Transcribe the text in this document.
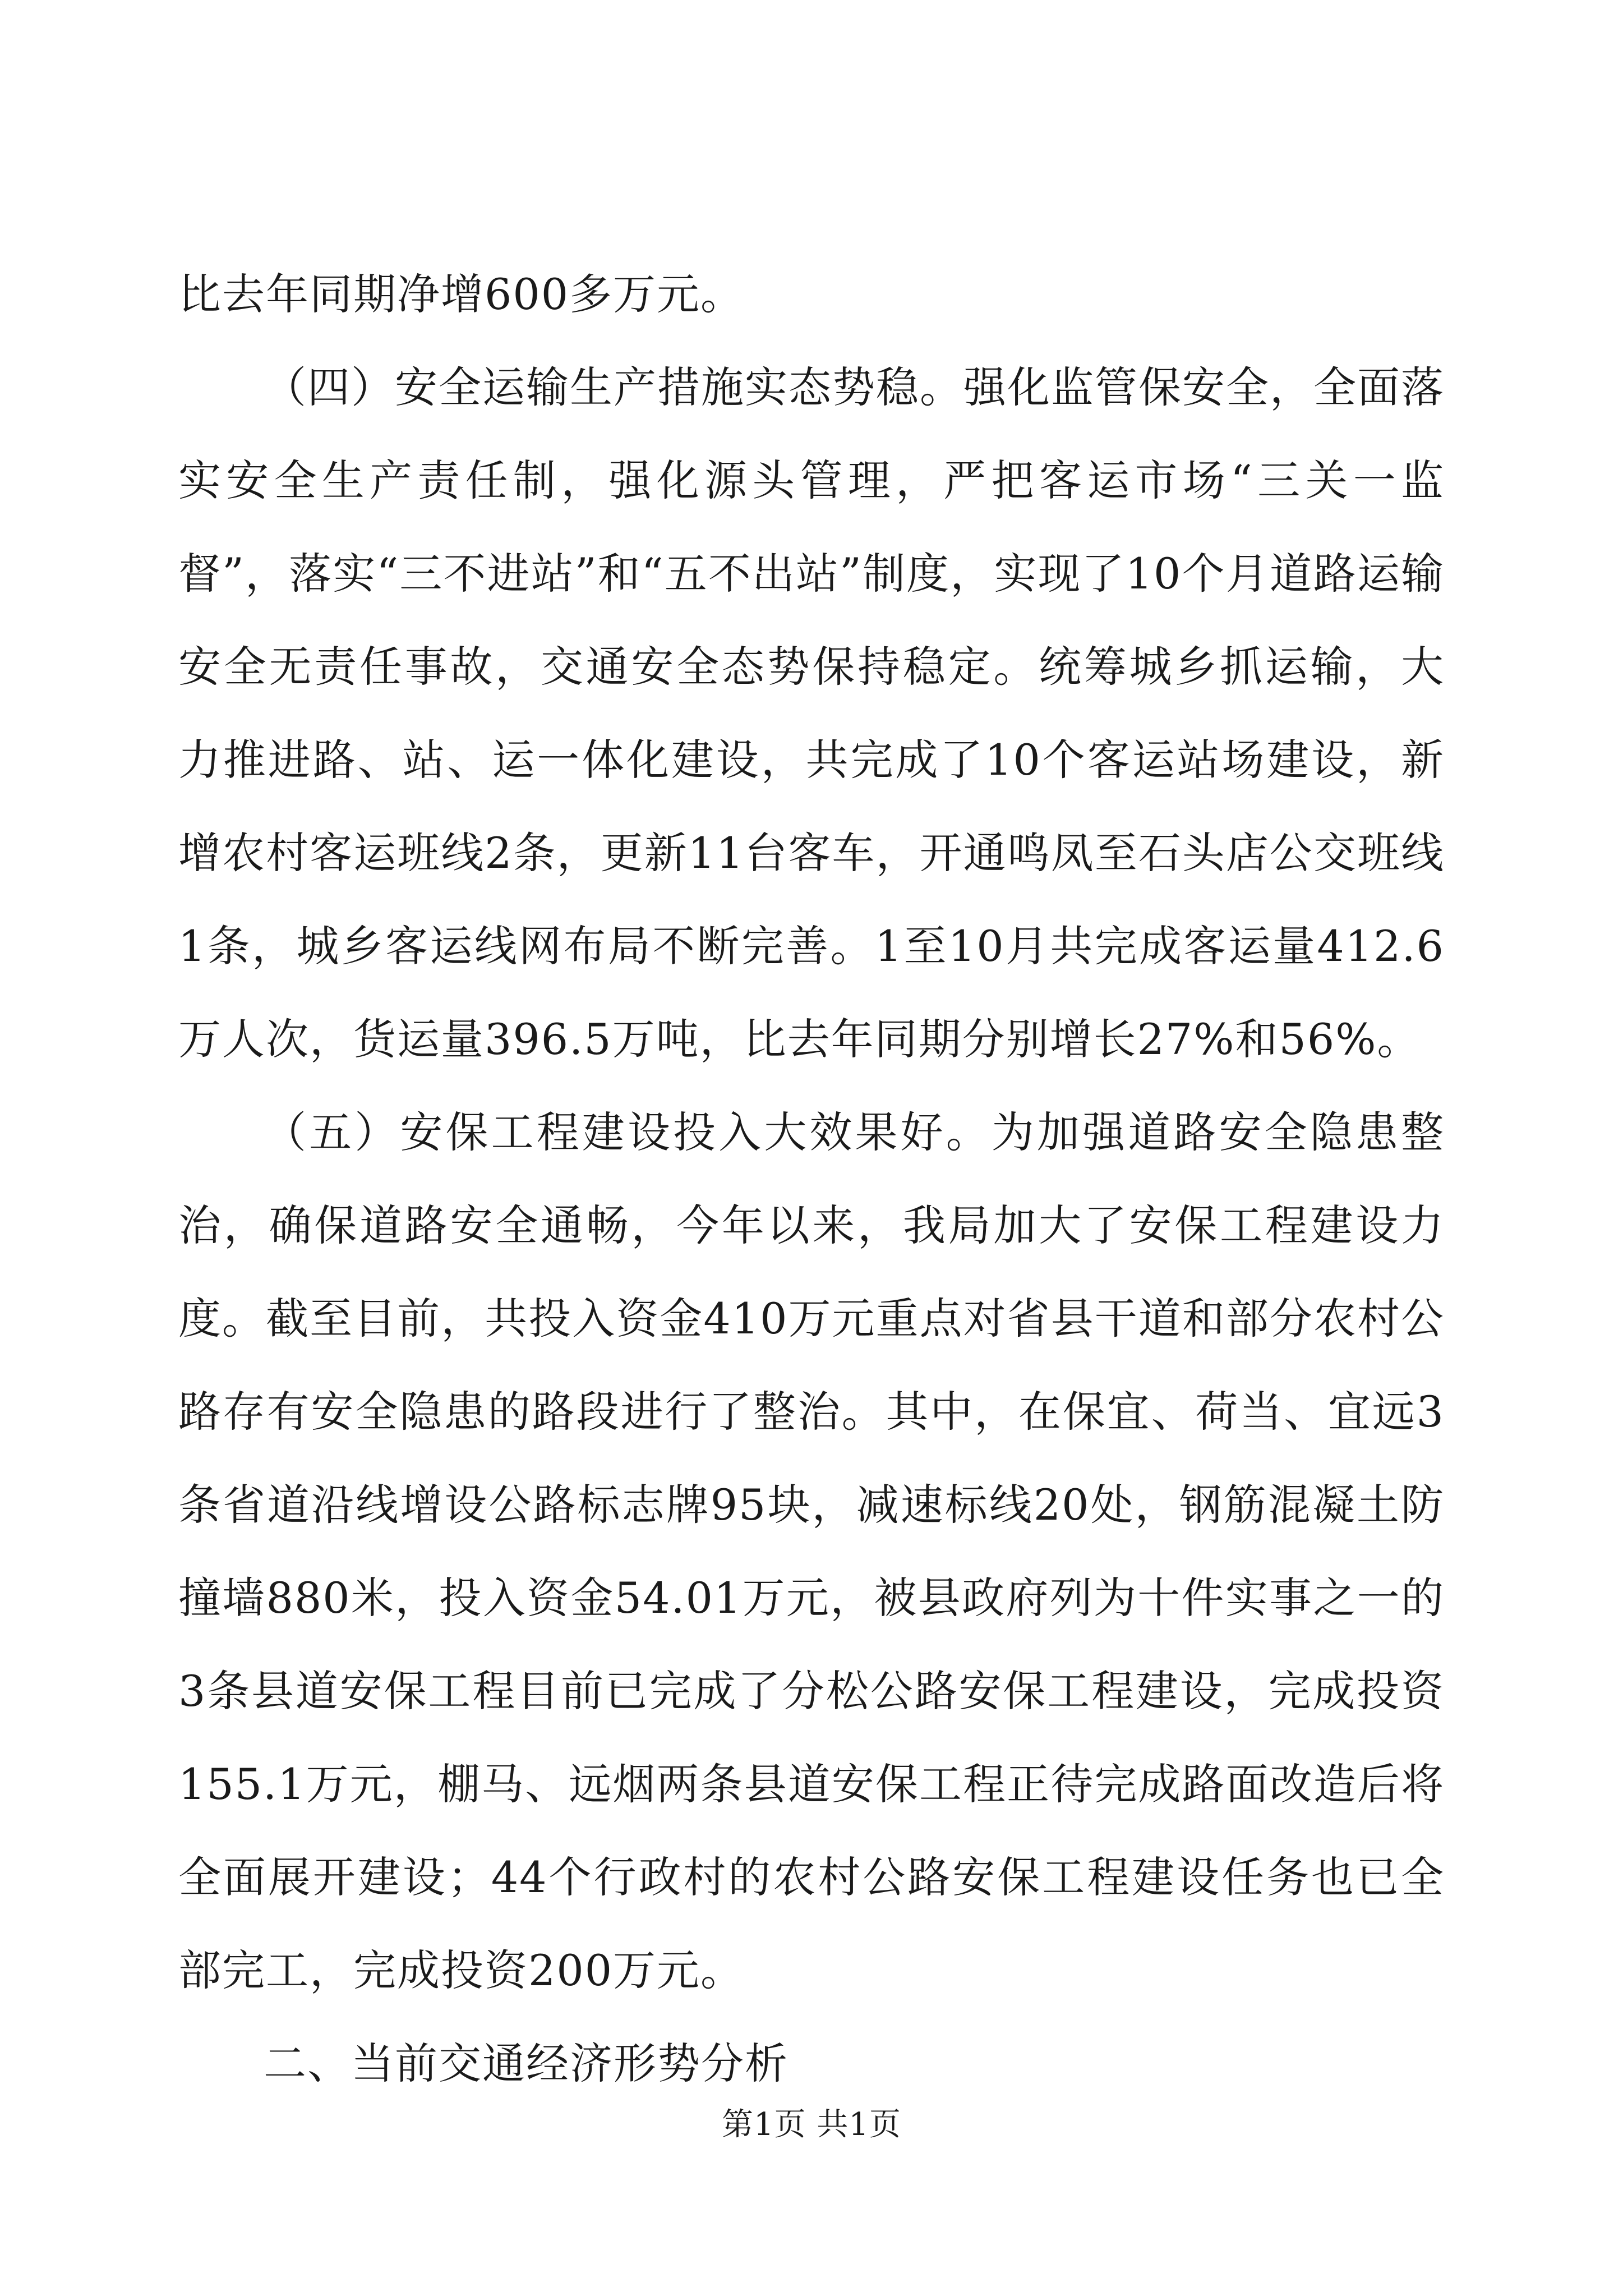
比去年同期净增600多万元。

（四）安全运输生产措施实态势稳。强化监管保安全，全面落实安全生产责任制，强化源头管理，严把客运市场“三关一监督”，落实“三不进站”和“五不出站”制度，实现了10个月道路运输安全无责任事故，交通安全态势保持稳定。统筹城乡抓运输，大力推进路、站、运一体化建设，共完成了10个客运站场建设，新增农村客运班线2条，更新11台客车，开通鸣凤至石头店公交班线1条，城乡客运线网布局不断完善。1至10月共完成客运量412.6万人次，货运量396.5万吨，比去年同期分别增长27%和56%。

（五）安保工程建设投入大效果好。为加强道路安全隐患整治，确保道路安全通畅，今年以来，我局加大了安保工程建设力度。截至目前，共投入资金410万元重点对省县干道和部分农村公路存有安全隐患的路段进行了整治。其中，在保宜、荷当、宜远3条省道沿线增设公路标志牌95块，减速标线20处，钢筋混凝土防撞墙880米，投入资金54.01万元，被县政府列为十件实事之一的3条县道安保工程目前已完成了分松公路安保工程建设，完成投资155.1万元，棚马、远烟两条县道安保工程正待完成路面改造后将全面展开建设；44个行政村的农村公路安保工程建设任务也已全部完工，完成投资200万元。

二、当前交通经济形势分析

第1页 共1页
